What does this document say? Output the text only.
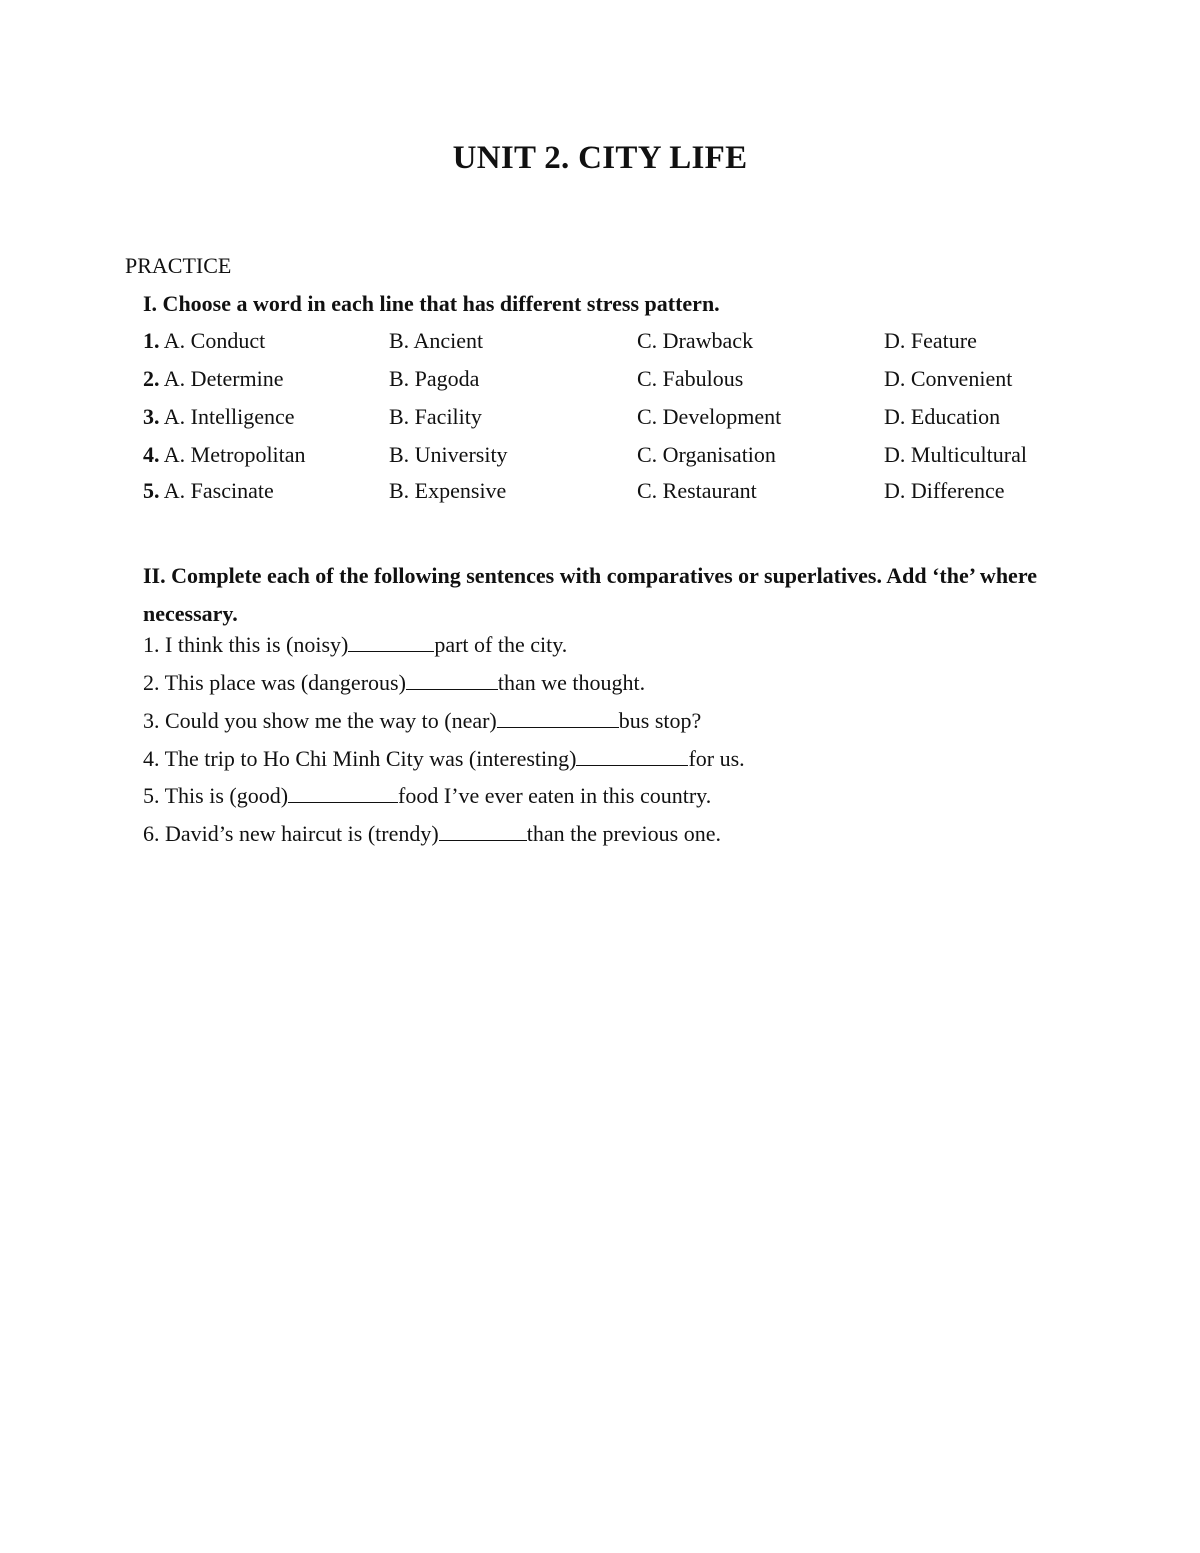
UNIT 2. CITY LIFE
PRACTICE
I. Choose a word in each line that has different stress pattern.
1. A. Conduct	B. Ancient	C. Drawback	D. Feature
2. A. Determine	B. Pagoda	C. Fabulous	D. Convenient
3. A. Intelligence	B. Facility	C. Development	D. Education
4. A. Metropolitan	B. University	C. Organisation	D. Multicultural
5. A. Fascinate	B. Expensive	C. Restaurant	D. Difference
II. Complete each of the following sentences with comparatives or superlatives. Add ‘the’ where necessary.
1. I think this is (noisy)	part of the city.
2. This place was (dangerous)	than we thought.
3. Could you show me the way to (near)	bus stop?
4. The trip to Ho Chi Minh City was (interesting)	for us.
5. This is (good)	food I’ve ever eaten in this country.
6. David’s new haircut is (trendy)	than the previous one.
